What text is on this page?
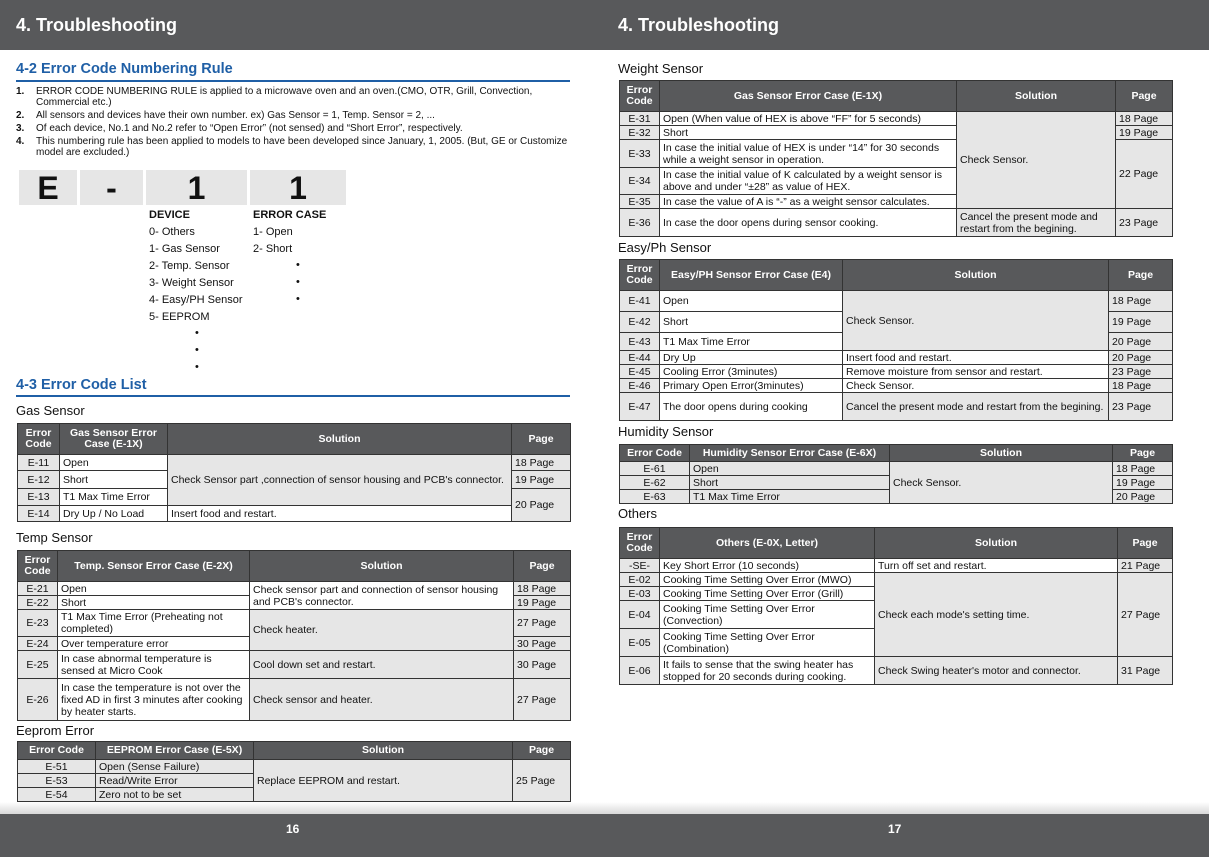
4. Troubleshooting	4. Troubleshooting
16	17
4-2 Error Code Numbering Rule
1. ERROR CODE NUMBERING RULE is applied to a microwave oven and an oven.(CMO, OTR, Grill, Convection, Commercial etc.)
2. All sensors and devices have their own number. ex) Gas Sensor = 1, Temp. Sensor = 2, ...
3. Of each device, No.1 and No.2 refer to “Open Error” (not sensed) and “Short Error”, respectively.
4. This numbering rule has been applied to models to have been developed since January, 1, 2005. (But, GE or Customize model are excluded.)
E	-	1	1
DEVICE
0- Others
1- Gas Sensor
2- Temp. Sensor
3- Weight Sensor
4- Easy/PH Sensor
5- EEPROM
ERROR CASE
1- Open
2- Short
•
•
•
•
•
•
4-3 Error Code List
Gas Sensor
Error Code	Gas Sensor Error Case (E-1X)	Solution	Page
E-11	Open	Check Sensor part ,connection of sensor housing and PCB's connector.	18 Page
E-12	Short		19 Page
E-13	T1 Max Time Error		20 Page
E-14	Dry Up / No Load	Insert food and restart.	
Temp Sensor
Error Code	Temp. Sensor Error Case (E-2X)	Solution	Page
E-21	Open	Check sensor part and connection of sensor housing and PCB's connector.	18 Page
E-22	Short		19 Page
E-23	T1 Max Time Error (Preheating not completed)	Check heater.	27 Page
E-24	Over temperature error		30 Page
E-25	In case abnormal temperature is sensed at Micro Cook	Cool down set and restart.	30 Page
E-26	In case the temperature is not over the fixed AD in first 3 minutes after cooking by heater starts.	Check sensor and heater.	27 Page
Eeprom Error
Error Code	EEPROM Error Case (E-5X)	Solution	Page
E-51	Open (Sense Failure)	Replace EEPROM and restart.	25 Page
E-53	Read/Write Error		
E-54	Zero not to be set		
Weight Sensor
Error Code	Gas Sensor Error Case (E-1X)	Solution	Page
E-31	Open (When value of HEX is above “FF” for 5 seconds)	Check Sensor.	18 Page
E-32	Short		19 Page
E-33	In case the initial value of HEX is under “14” for 30 seconds while a weight sensor in operation.		22 Page
E-34	In case the initial value of K calculated by a weight sensor is above and under “±28” as value of HEX.		
E-35	In case the value of A is “-” as a weight sensor calculates.		
E-36	In case the door opens during sensor cooking.	Cancel the present mode and restart from the begining.	23 Page
Easy/Ph Sensor
Error Code	Easy/PH Sensor Error Case (E4)	Solution	Page
E-41	Open	Check Sensor.	18 Page
E-42	Short		19 Page
E-43	T1 Max Time Error		20 Page
E-44	Dry Up	Insert food and restart.	20 Page
E-45	Cooling Error (3minutes)	Remove moisture from sensor and restart.	23 Page
E-46	Primary Open Error(3minutes)	Check Sensor.	18 Page
E-47	The door opens during cooking	Cancel the present mode and restart from the begining.	23 Page
Humidity Sensor
Error Code	Humidity Sensor Error Case (E-6X)	Solution	Page
E-61	Open	Check Sensor.	18 Page
E-62	Short		19 Page
E-63	T1 Max Time Error		20 Page
Others
Error Code	Others (E-0X, Letter)	Solution	Page
-SE-	Key Short Error (10 seconds)	Turn off set and restart.	21 Page
E-02	Cooking Time Setting Over Error (MWO)	Check each mode's setting time.	27 Page
E-03	Cooking Time Setting Over Error (Grill)		
E-04	Cooking Time Setting Over Error (Convection)		
E-05	Cooking Time Setting Over Error (Combination)		
E-06	It fails to sense that the swing heater has stopped for 20 seconds during cooking.	Check Swing heater's motor and connector.	31 Page
